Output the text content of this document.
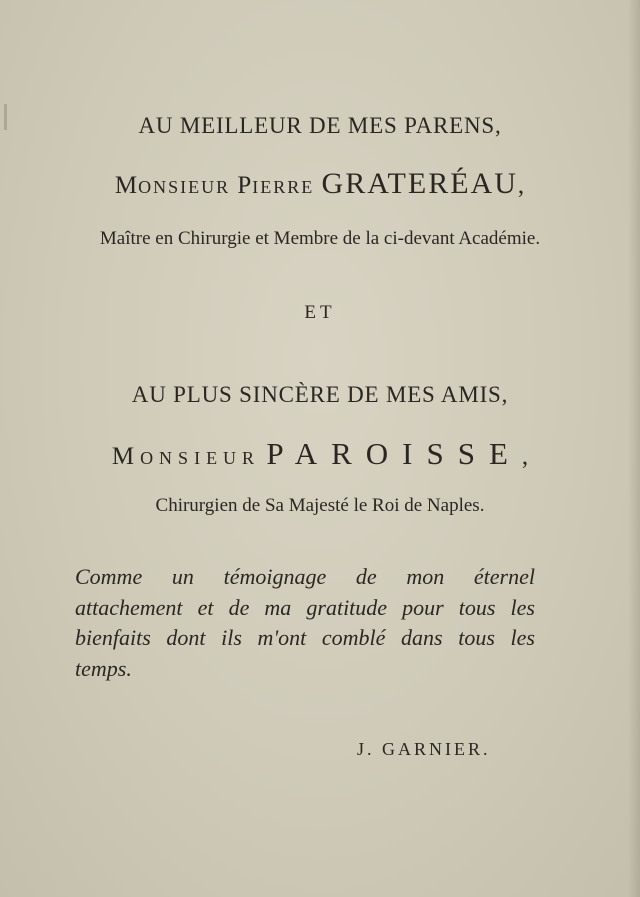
AU MEILLEUR DE MES PARENS,
MONSIEUR PIERRE GRATERÉAU,
Maître en Chirurgie et Membre de la ci-devant Académie.
ET
AU PLUS SINCÈRE DE MES AMIS,
MONSIEUR PAROISSE,
Chirurgien de Sa Majesté le Roi de Naples.
Comme un témoignage de mon éternel attachement et de ma gratitude pour tous les bienfaits dont ils m'ont comblé dans tous les temps.
J. GARNIER.
